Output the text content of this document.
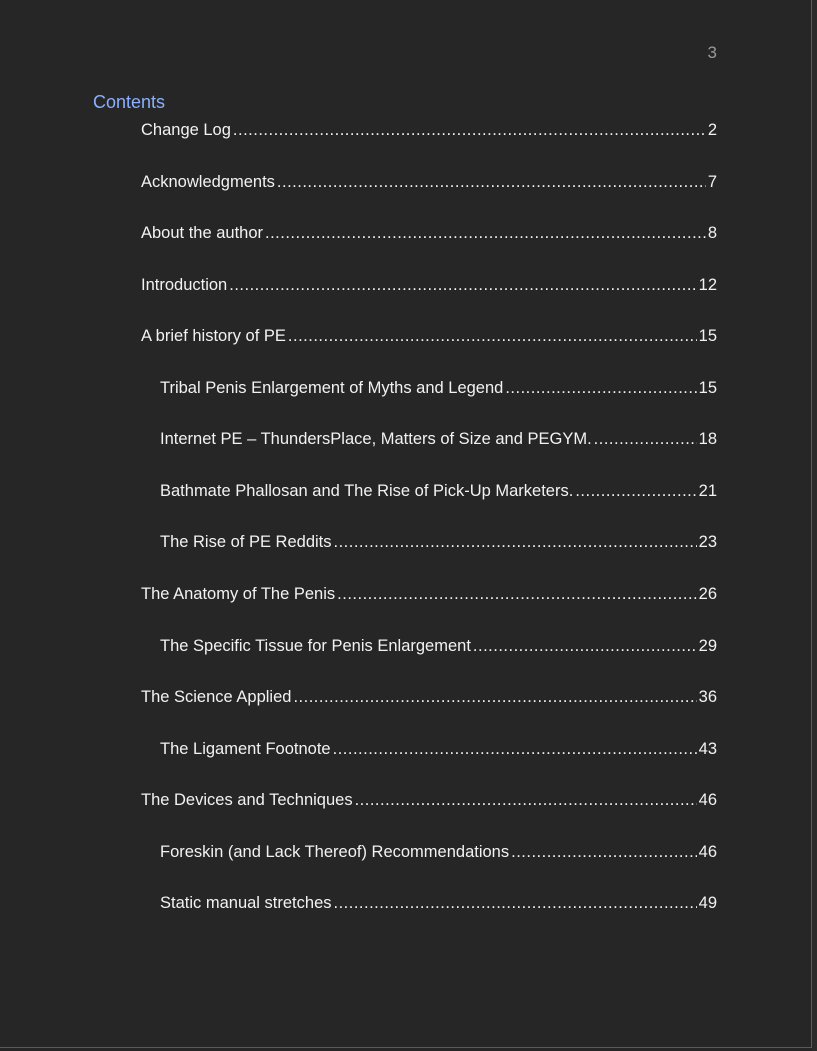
3
Contents
Change Log .....	2
Acknowledgments .....	7
About the author .....	8
Introduction .....	12
A brief history of PE .....	15
Tribal Penis Enlargement of Myths and Legend .....	15
Internet PE – ThundersPlace, Matters of Size and PEGYM. .....	18
Bathmate Phallosan and The Rise of Pick-Up Marketers. .....	21
The Rise of PE Reddits .....	23
The Anatomy of The Penis .....	26
The Specific Tissue for Penis Enlargement .....	29
The Science Applied .....	36
The Ligament Footnote .....	43
The Devices and Techniques .....	46
Foreskin (and Lack Thereof) Recommendations .....	46
Static manual stretches .....	49
